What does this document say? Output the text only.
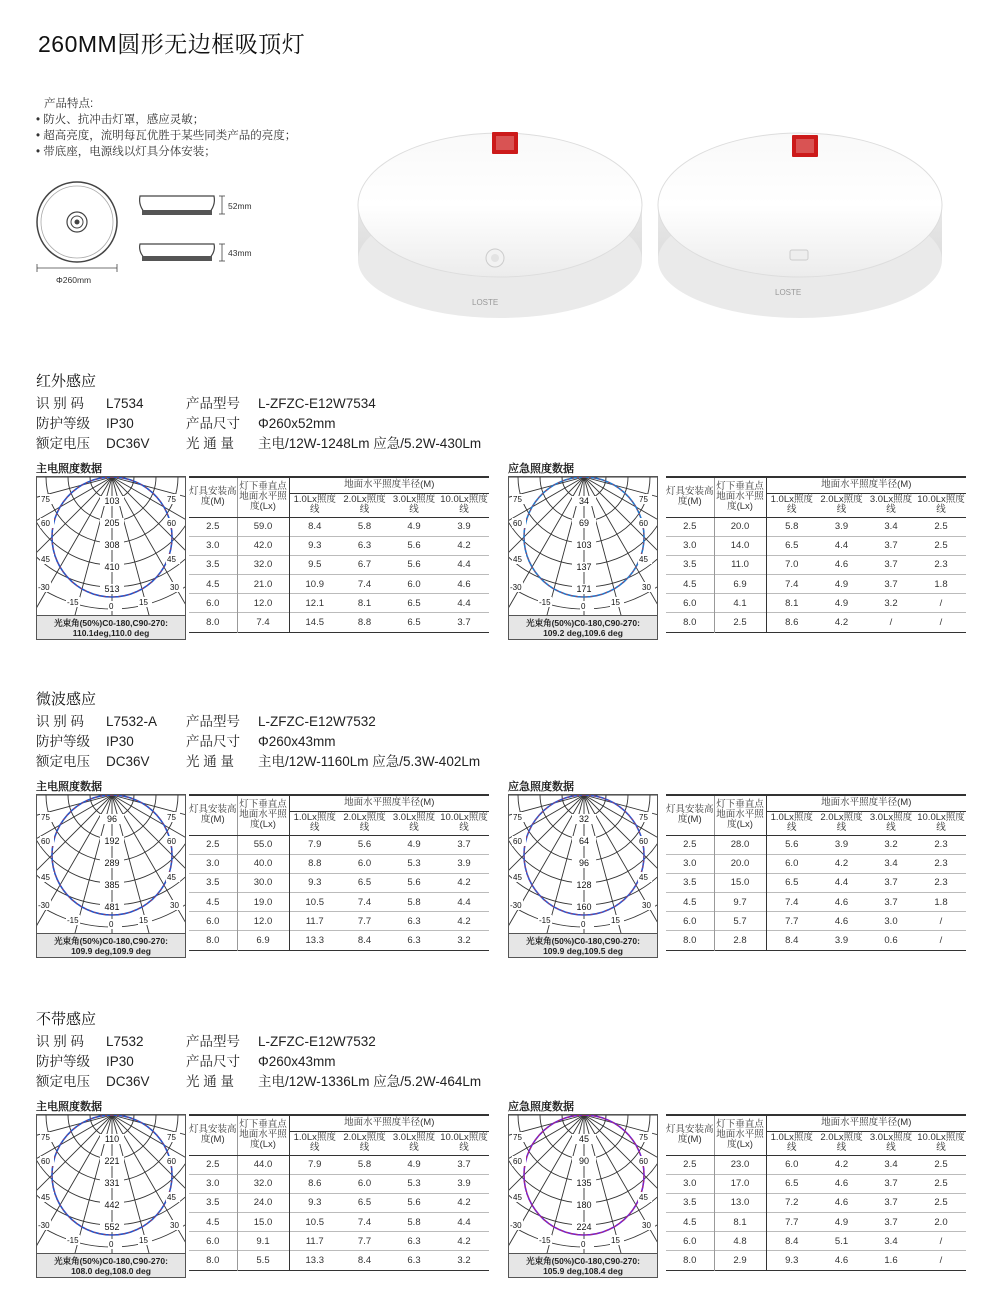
260MM圆形无边框吸顶灯
产品特点:
• 防火、抗冲击灯罩，感应灵敏；
• 超高亮度，流明每瓦优胜于某些同类产品的亮度；
• 带底座，电源线以灯具分体安装；
Φ260mm
52mm
43mm
LOSTE
LOSTE
红外感应
识 别 码 L7534	产品型号 L-ZFZC-E12W7534
防护等级 IP30	产品尺寸 Φ260x52mm
额定电压 DC36V	光 通 量 主电/12W-1248Lm 应急/5.2W-430Lm
主电照度数据
103
205
308
410
513
75	75
60	60
45	45
-30	30
-15	0	15
光束角(50%)C0-180,C90-270:
110.1deg,110.0 deg
灯具安装高度(M)	灯下垂直点地面水平照度(Lx)	地面水平照度半径(M)			
		1.0Lx照度线	2.0Lx照度线	3.0Lx照度线	10.0Lx照度线
2.5	59.0	8.4	5.8	4.9	3.9
3.0	42.0	9.3	6.3	5.6	4.2
3.5	32.0	9.5	6.7	5.6	4.4
4.5	21.0	10.9	7.4	6.0	4.6
6.0	12.0	12.1	8.1	6.5	4.4
8.0	7.4	14.5	8.8	6.5	3.7
应急照度数据
34
69
103
137
171
75	75
60	60
45	45
-30	30
-15	0	15
光束角(50%)C0-180,C90-270:
109.2 deg,109.6 deg
灯具安装高度(M)	灯下垂直点地面水平照度(Lx)	地面水平照度半径(M)			
		1.0Lx照度线	2.0Lx照度线	3.0Lx照度线	10.0Lx照度线
2.5	20.0	5.8	3.9	3.4	2.5
3.0	14.0	6.5	4.4	3.7	2.5
3.5	11.0	7.0	4.6	3.7	2.3
4.5	6.9	7.4	4.9	3.7	1.8
6.0	4.1	8.1	4.9	3.2	/
8.0	2.5	8.6	4.2	/	/
微波感应
识 别 码 L7532-A 产品型号 L-ZFZC-E12W7532
防护等级 IP30	产品尺寸 Φ260x43mm
额定电压 DC36V	光 通 量 主电/12W-1160Lm 应急/5.3W-402Lm
主电照度数据
96
192
289
385
481
75	75
60	60
45	45
-30	30
-15	0	15
光束角(50%)C0-180,C90-270:
109.9 deg,109.9 deg
灯具安装高度(M)	灯下垂直点地面水平照度(Lx)	地面水平照度半径(M)			
		1.0Lx照度线	2.0Lx照度线	3.0Lx照度线	10.0Lx照度线
2.5	55.0	7.9	5.6	4.9	3.7
3.0	40.0	8.8	6.0	5.3	3.9
3.5	30.0	9.3	6.5	5.6	4.2
4.5	19.0	10.5	7.4	5.8	4.4
6.0	12.0	11.7	7.7	6.3	4.2
8.0	6.9	13.3	8.4	6.3	3.2
应急照度数据
32
64
96
128
160
75	75
60	60
45	45
-30	30
-15	0	15
光束角(50%)C0-180,C90-270:
109.9 deg,109.5 deg
灯具安装高度(M)	灯下垂直点地面水平照度(Lx)	地面水平照度半径(M)			
		1.0Lx照度线	2.0Lx照度线	3.0Lx照度线	10.0Lx照度线
2.5	28.0	5.6	3.9	3.2	2.3
3.0	20.0	6.0	4.2	3.4	2.3
3.5	15.0	6.5	4.4	3.7	2.3
4.5	9.7	7.4	4.6	3.7	1.8
6.0	5.7	7.7	4.6	3.0	/
8.0	2.8	8.4	3.9	0.6	/
不带感应
识 别 码 L7532	产品型号 L-ZFZC-E12W7532
防护等级 IP30	产品尺寸 Φ260x43mm
额定电压 DC36V	光 通 量 主电/12W-1336Lm 应急/5.2W-464Lm
主电照度数据
110
221
331
442
552
75	75
60	60
45	45
-30	30
-15	0	15
光束角(50%)C0-180,C90-270:
108.0 deg,108.0 deg
灯具安装高度(M)	灯下垂直点地面水平照度(Lx)	地面水平照度半径(M)			
		1.0Lx照度线	2.0Lx照度线	3.0Lx照度线	10.0Lx照度线
2.5	44.0	7.9	5.8	4.9	3.7
3.0	32.0	8.6	6.0	5.3	3.9
3.5	24.0	9.3	6.5	5.6	4.2
4.5	15.0	10.5	7.4	5.8	4.4
6.0	9.1	11.7	7.7	6.3	4.2
8.0	5.5	13.3	8.4	6.3	3.2
应急照度数据
45
90
135
180
224
75	75
60	60
45	45
-30	30
-15	0	15
光束角(50%)C0-180,C90-270:
105.9 deg,108.4 deg
灯具安装高度(M)	灯下垂直点地面水平照度(Lx)	地面水平照度半径(M)			
		1.0Lx照度线	2.0Lx照度线	3.0Lx照度线	10.0Lx照度线
2.5	23.0	6.0	4.2	3.4	2.5
3.0	17.0	6.5	4.6	3.7	2.5
3.5	13.0	7.2	4.6	3.7	2.5
4.5	8.1	7.7	4.9	3.7	2.0
6.0	4.8	8.4	5.1	3.4	/
8.0	2.9	9.3	4.6	1.6	/
